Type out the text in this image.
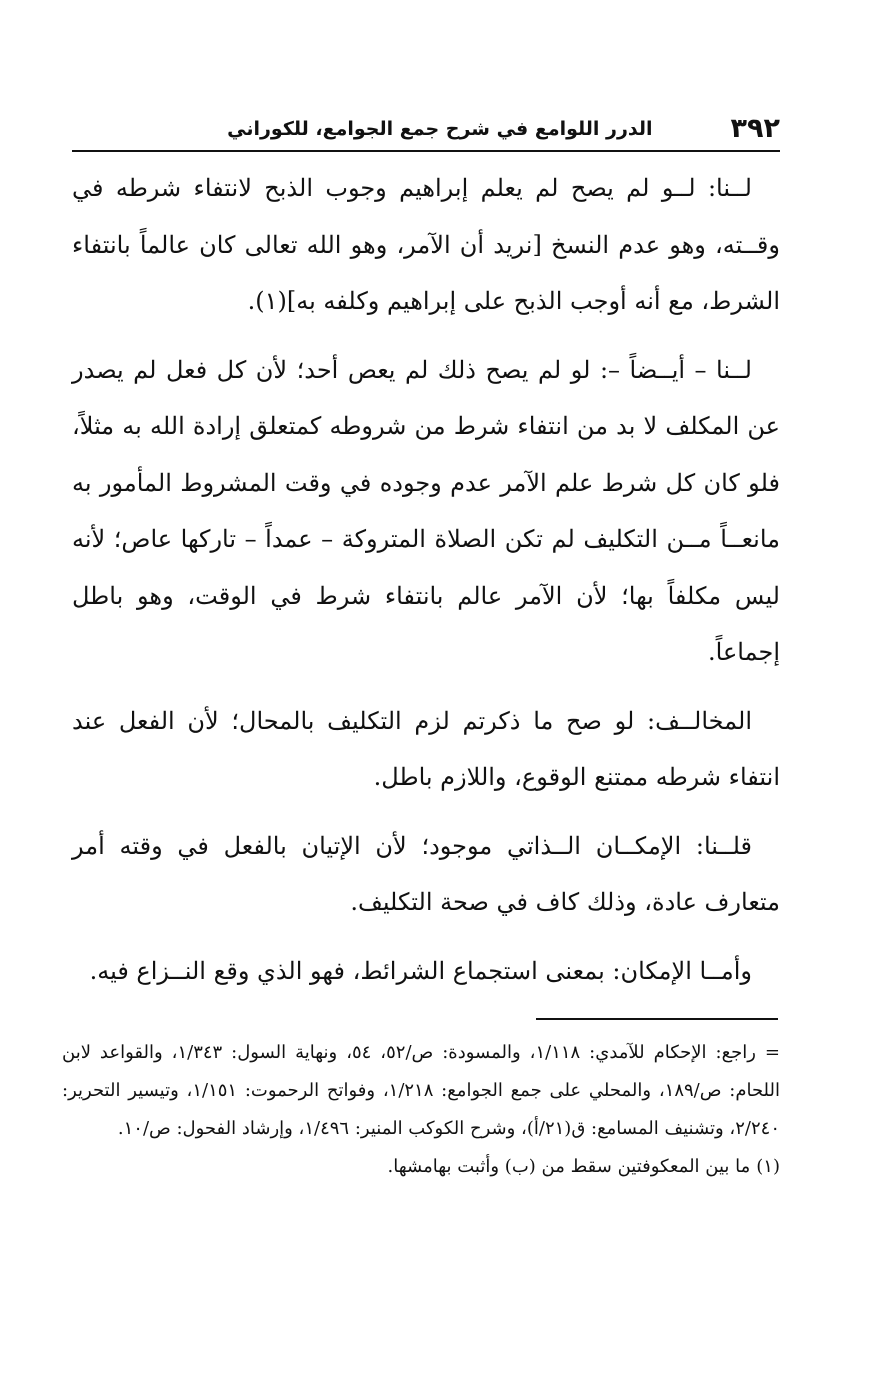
٣٩٢
الدرر اللوامع في شرح جمع الجوامع، للكوراني

لــنا: لــو لم يصح لم يعلم إبراهيم وجوب الذبح لانتفاء شرطه في وقــته، وهو عدم النسخ [نريد أن الآمر، وهو الله تعالى كان عالماً بانتفاء الشرط، مع أنه أوجب الذبح على إبراهيم وكلفه به](١).

لــنا – أيــضاً –: لو لم يصح ذلك لم يعص أحد؛ لأن كل فعل لم يصدر عن المكلف لا بد من انتفاء شرط من شروطه كمتعلق إرادة الله به مثلاً، فلو كان كل شرط علم الآمر عدم وجوده في وقت المشروط المأمور به مانعــاً مــن التكليف لم تكن الصلاة المتروكة – عمداً – تاركها عاص؛ لأنه ليس مكلفاً بها؛ لأن الآمر عالم بانتفاء شرط في الوقت، وهو باطل إجماعاً.

المخالــف: لو صح ما ذكرتم لزم التكليف بالمحال؛ لأن الفعل عند انتفاء شرطه ممتنع الوقوع، واللازم باطل.

قلــنا: الإمكــان الــذاتي موجود؛ لأن الإتيان بالفعل في وقته أمر متعارف عادة، وذلك كاف في صحة التكليف.

وأمــا الإمكان: بمعنى استجماع الشرائط، فهو الذي وقع النــزاع فيه.

= راجع: الإحكام للآمدي: ١/١١٨، والمسودة: ص/٥٢، ٥٤، ونهاية السول: ١/٣٤٣، والقواعد لابن اللحام: ص/١٨٩، والمحلي على جمع الجوامع: ١/٢١٨، وفواتح الرحموت: ١/١٥١، وتيسير التحرير: ٢/٢٤٠، وتشنيف المسامع: ق(٢١/أ)، وشرح الكوكب المنير: ١/٤٩٦، وإرشاد الفحول: ص/١٠.

(١)ما بين المعكوفتين سقط من (ب) وأثبت بهامشها.
